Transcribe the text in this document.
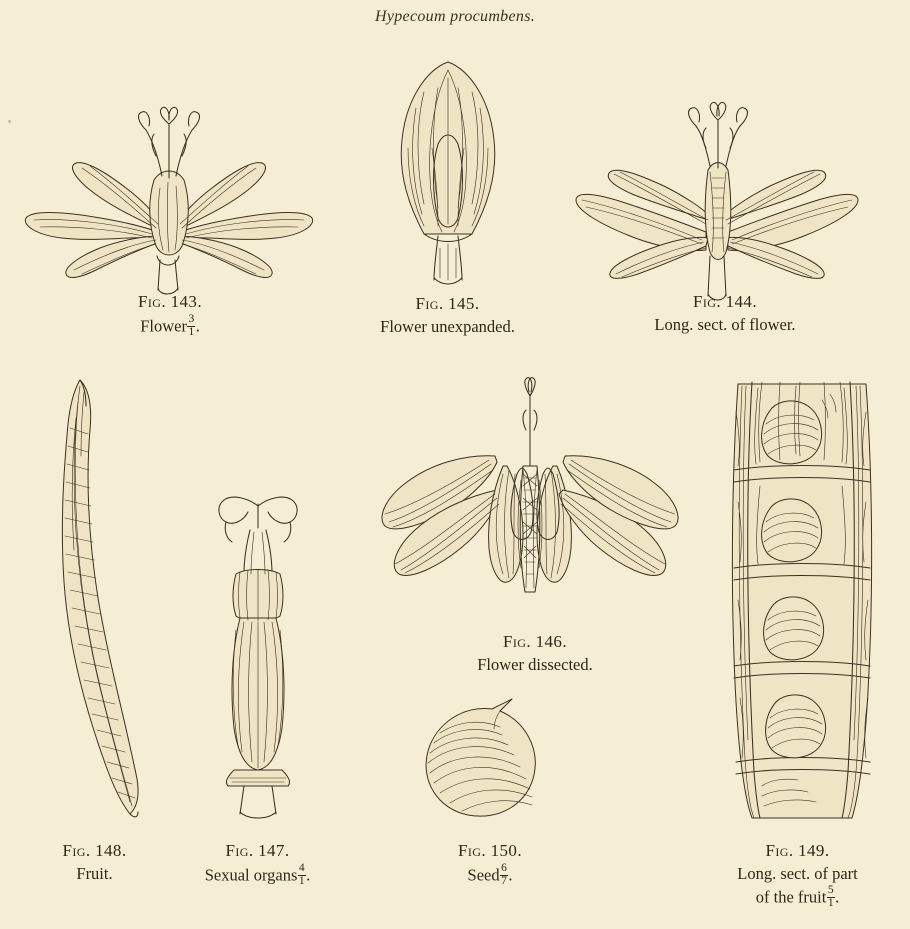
Hypecoum procumbens.
Fig. 143.
Flower $\frac{3}{1}$ .
Fig. 145.
Flower unexpanded.
Fig. 144.
Long. sect. of flower.
Fig. 148.
Fruit.
Fig. 147.
Sexual organs $\frac{4}{1}$ .
Fig. 146.
Flower dissected.
Fig. 150.
Seed $\frac{6}{7}$ .
Fig. 149.
Long. sect. of part
of the fruit $\frac{5}{1}$ .
